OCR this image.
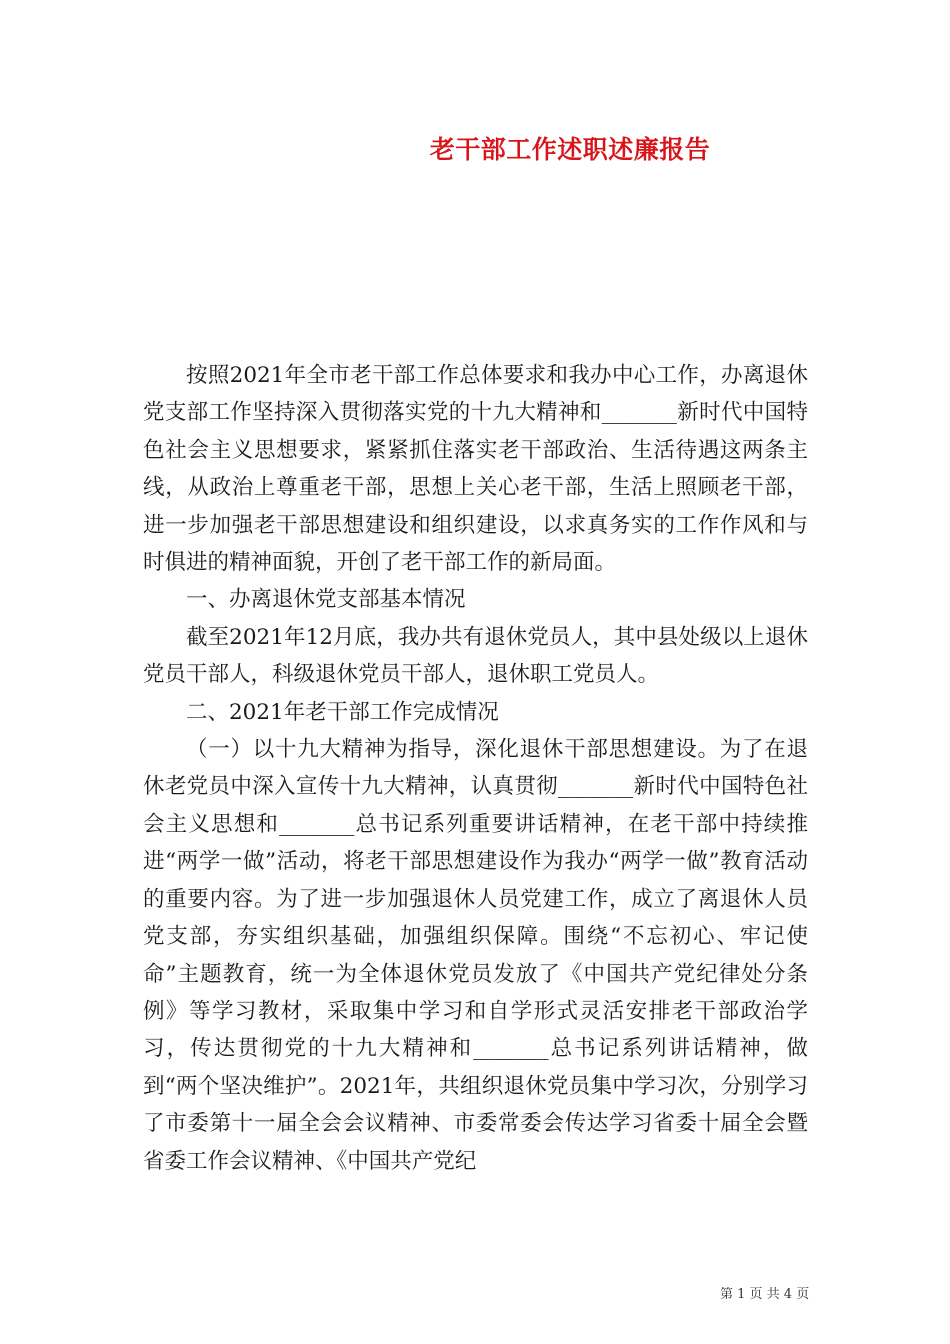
老干部工作述职述廉报告

按照2021年全市老干部工作总体要求和我办中心工作，办离退休党支部工作坚持深入贯彻落实党的十九大精神和_______新时代中国特色社会主义思想要求，紧紧抓住落实老干部政治、生活待遇这两条主线，从政治上尊重老干部，思想上关心老干部，生活上照顾老干部，进一步加强老干部思想建设和组织建设，以求真务实的工作作风和与时俱进的精神面貌，开创了老干部工作的新局面。

一、办离退休党支部基本情况

截至2021年12月底，我办共有退休党员人，其中县处级以上退休党员干部人，科级退休党员干部人，退休职工党员人。

二、2021年老干部工作完成情况

（一）以十九大精神为指导，深化退休干部思想建设。为了在退休老党员中深入宣传十九大精神，认真贯彻_______新时代中国特色社会主义思想和_______总书记系列重要讲话精神，在老干部中持续推进“两学一做”活动，将老干部思想建设作为我办“两学一做”教育活动的重要内容。为了进一步加强退休人员党建工作，成立了离退休人员党支部，夯实组织基础，加强组织保障。围绕“不忘初心、牢记使命”主题教育，统一为全体退休党员发放了《中国共产党纪律处分条例》等学习教材，采取集中学习和自学形式灵活安排老干部政治学习，传达贯彻党的十九大精神和_______总书记系列讲话精神，做到“两个坚决维护”。2021年，共组织退休党员集中学习次，分别学习了市委第十一届全会会议精神、市委常委会传达学习省委十届全会暨省委工作会议精神、《中国共产党纪

第 1 页 共 4 页
